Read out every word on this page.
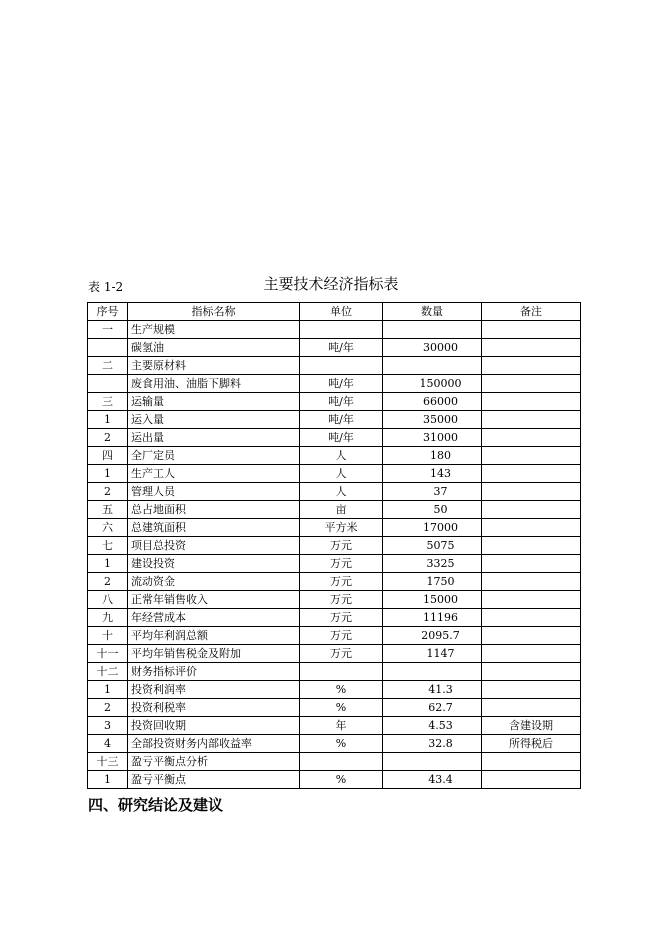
表 1-2	主要技术经济指标表
序号	指标名称	单位	数量	备注
一	生产规模			
	碳氢油	吨/年	30000	
二	主要原材料			
	废食用油、油脂下脚料	吨/年	150000	
三	运输量	吨/年	66000	
1	运入量	吨/年	35000	
2	运出量	吨/年	31000	
四	全厂定员	人	180	
1	生产工人	人	143	
2	管理人员	人	37	
五	总占地面积	亩	50	
六	总建筑面积	平方米	17000	
七	项目总投资	万元	5075	
1	建设投资	万元	3325	
2	流动资金	万元	1750	
八	正常年销售收入	万元	15000	
九	年经营成本	万元	11196	
十	平均年利润总额	万元	2095.7	
十一	平均年销售税金及附加	万元	1147	
十二	财务指标评价			
1	投资利润率	%	41.3	
2	投资利税率	%	62.7	
3	投资回收期	年	4.53	含建设期
4	全部投资财务内部收益率	%	32.8	所得税后
十三	盈亏平衡点分析			
1	盈亏平衡点	%	43.4	
四、研究结论及建议
